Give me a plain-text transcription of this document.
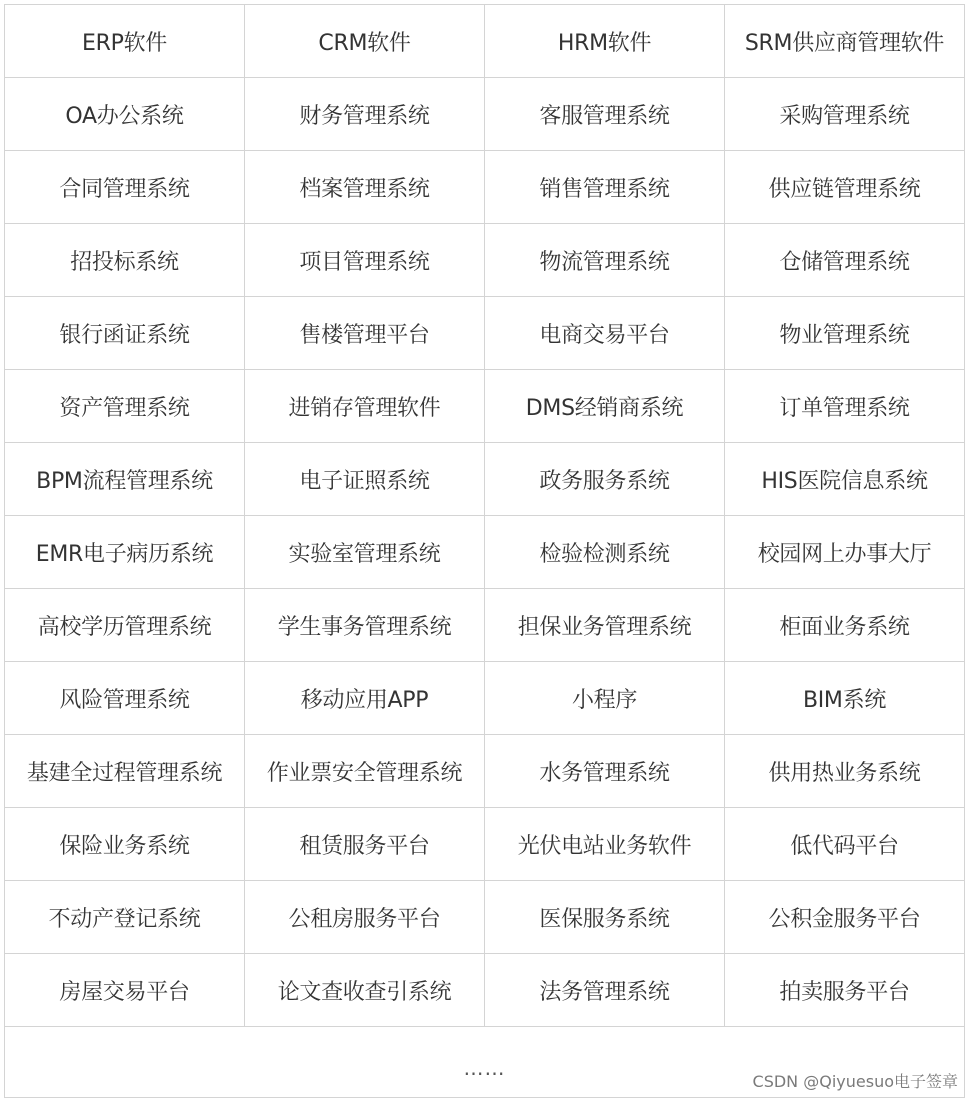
ERP软件	CRM软件	HRM软件	SRM供应商管理软件
OA办公系统	财务管理系统	客服管理系统	采购管理系统
合同管理系统	档案管理系统	销售管理系统	供应链管理系统
招投标系统	项目管理系统	物流管理系统	仓储管理系统
银行函证系统	售楼管理平台	电商交易平台	物业管理系统
资产管理系统	进销存管理软件	DMS经销商系统	订单管理系统
BPM流程管理系统	电子证照系统	政务服务系统	HIS医院信息系统
EMR电子病历系统	实验室管理系统	检验检测系统	校园网上办事大厅
高校学历管理系统	学生事务管理系统	担保业务管理系统	柜面业务系统
风险管理系统	移动应用APP	小程序	BIM系统
基建全过程管理系统	作业票安全管理系统	水务管理系统	供用热业务系统
保险业务系统	租赁服务平台	光伏电站业务软件	低代码平台
不动产登记系统	公租房服务平台	医保服务系统	公积金服务平台
房屋交易平台	论文查收查引系统	法务管理系统	拍卖服务平台
……			
CSDN @Qiyuesuo电子签章
